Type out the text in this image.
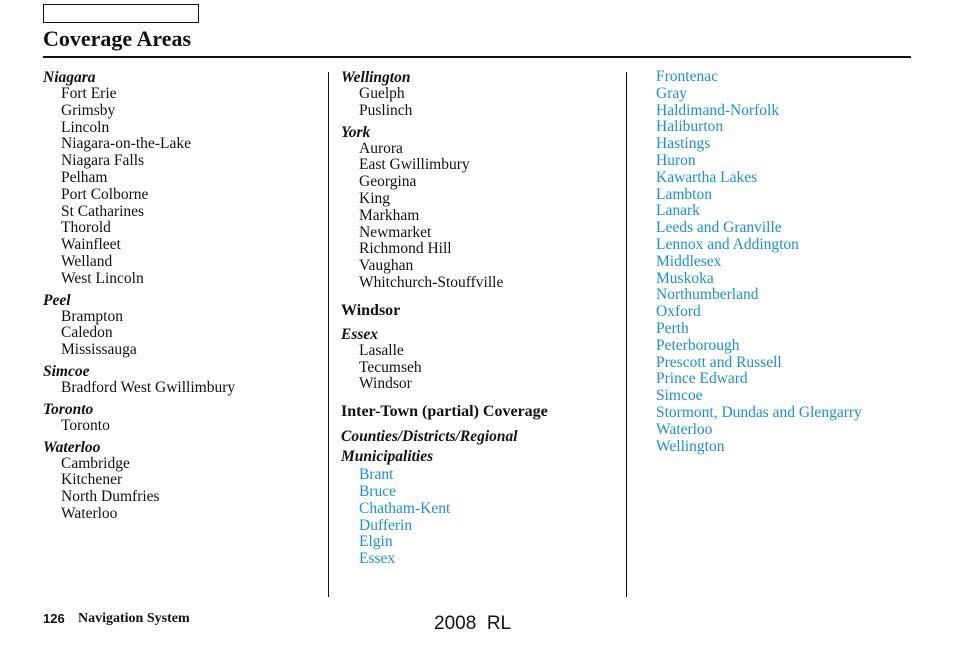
Coverage Areas
Niagara
Fort Erie
Grimsby
Lincoln
Niagara-on-the-Lake
Niagara Falls
Pelham
Port Colborne
St Catharines
Thorold
Wainfleet
Welland
West Lincoln
Peel
Brampton
Caledon
Mississauga
Simcoe
Bradford West Gwillimbury
Toronto
Toronto
Waterloo
Cambridge
Kitchener
North Dumfries
Waterloo
Wellington
Guelph
Puslinch
York
Aurora
East Gwillimbury
Georgina
King
Markham
Newmarket
Richmond Hill
Vaughan
Whitchurch-Stouffville
Windsor
Essex
Lasalle
Tecumseh
Windsor
Inter-Town (partial) Coverage
Counties/Districts/Regional
Municipalities
Brant
Bruce
Chatham-Kent
Dufferin
Elgin
Essex
Frontenac
Gray
Haldimand-Norfolk
Haliburton
Hastings
Huron
Kawartha Lakes
Lambton
Lanark
Leeds and Granville
Lennox and Addington
Middlesex
Muskoka
Northumberland
Oxford
Perth
Peterborough
Prescott and Russell
Prince Edward
Simcoe
Stormont, Dundas and Glengarry
Waterloo
Wellington
126 Navigation System	2008  RL
